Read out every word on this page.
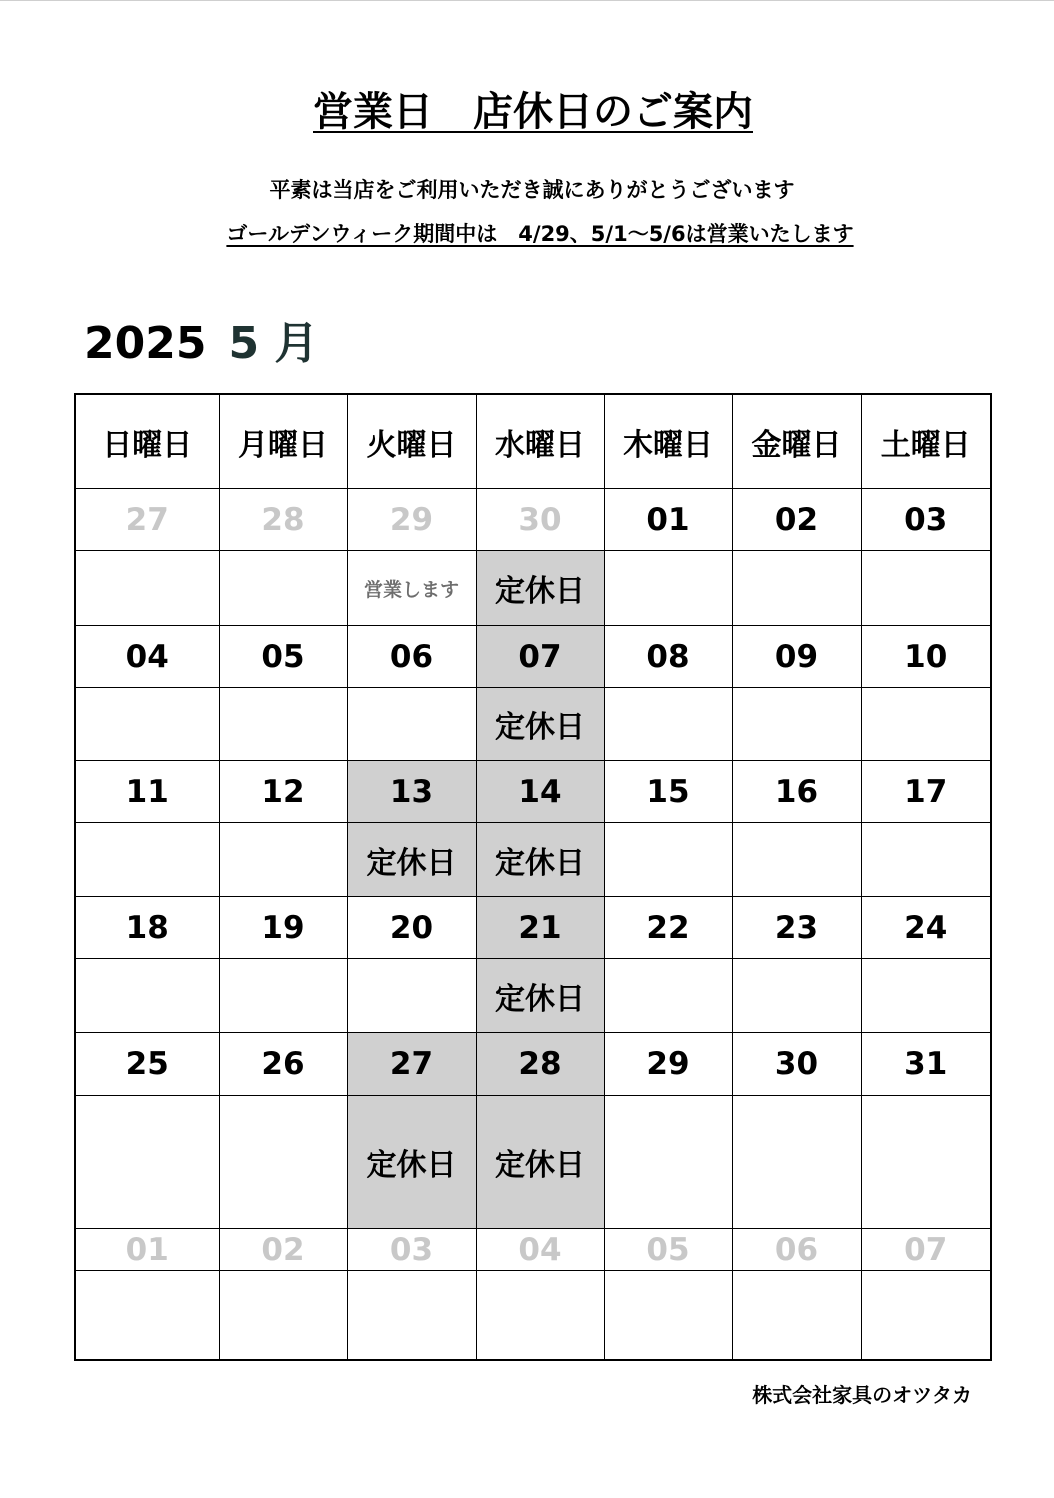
営業日　店休日のご案内
平素は当店をご利用いただき誠にありがとうございます
ゴールデンウィーク期間中は　4/29、5/1～5/6は営業いたします
2025 5 月
日曜日	月曜日	火曜日	水曜日	木曜日	金曜日	土曜日
27	28	29	30	01	02	03
		営業します	定休日			
04	05	06	07	08	09	10
			定休日			
11	12	13	14	15	16	17
		定休日	定休日			
18	19	20	21	22	23	24
			定休日			
25	26	27	28	29	30	31
		定休日	定休日			
01	02	03	04	05	06	07

株式会社家具のオツタカ
